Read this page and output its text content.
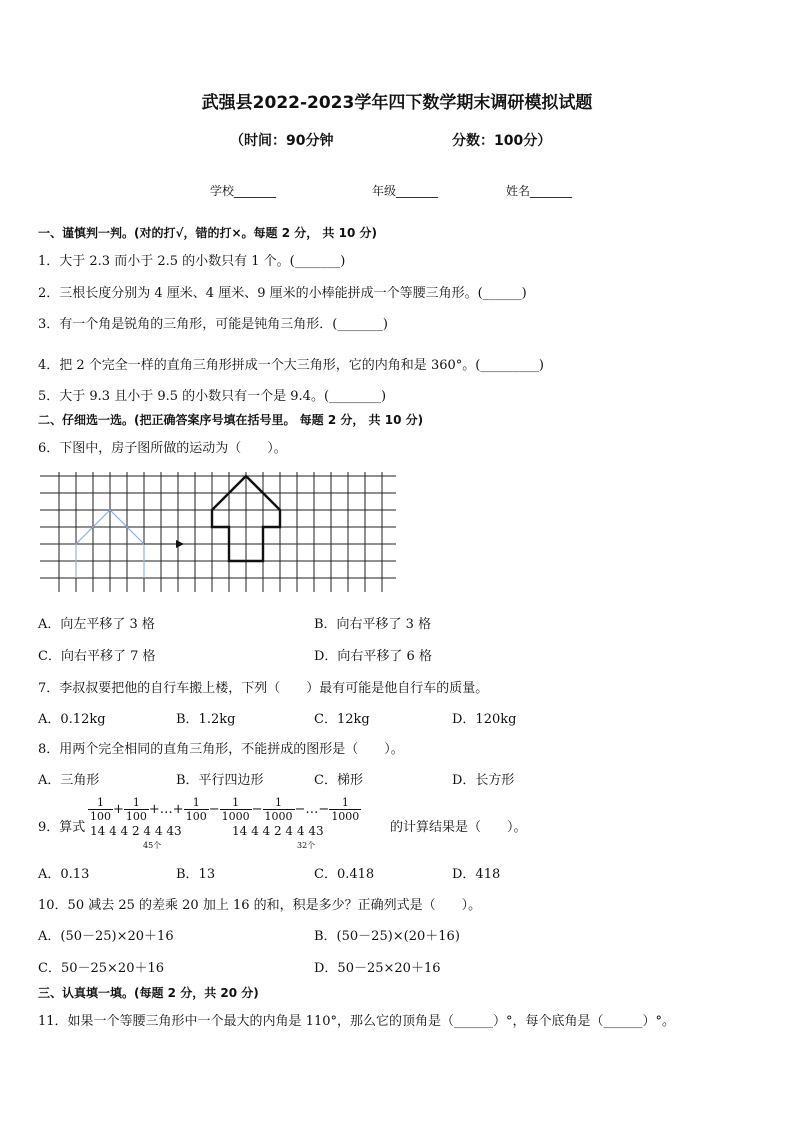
武强县2022-2023学年四下数学期末调研模拟试题
（时间：90分钟	分数：100分）
学校_______	年级_______	姓名_______
一、谨慎判一判。(对的打√，错的打×。每题 2 分， 共 10 分)
1．大于 2.3 而小于 2.5 的小数只有 1 个。(_______)
2．三根长度分别为 4 厘米、4 厘米、9 厘米的小棒能拼成一个等腰三角形。(______)
3．有一个角是锐角的三角形，可能是钝角三角形．(_______)
4．把 2 个完全一样的直角三角形拼成一个大三角形，它的内角和是 360°。(_________)
5．大于 9.3 且小于 9.5 的小数只有一个是 9.4。(________)
二、仔细选一选。(把正确答案序号填在括号里。 每题 2 分， 共 10 分)
6．下图中，房子图所做的运动为（　　）。
A．向左平移了 3 格	B．向右平移了 3 格
C．向右平移了 7 格	D．向右平移了 6 格
7．李叔叔要把他的自行车搬上楼，下列（　　）最有可能是他自行车的质量。
A．0.12kg	B．1.2kg	C．12kg	D．120kg
8．用两个完全相同的直角三角形，不能拼成的图形是（　　）。
A．三角形	B．平行四边形	C．梯形	D．长方形
9．算式
$\frac{1}{100} + \frac{1}{100}$ +…+ $\frac{1}{100} - \frac{1}{1000} - \frac{1}{1000}$ −…− $\frac{1}{1000}$
14 4 4 2 4 4 43	14 4 4 2 4 4 43
45个	32个
的计算结果是（　　）。
A．0.13	B．13	C．0.418	D．418
10．50 减去 25 的差乘 20 加上 16 的和，积是多少？正确列式是（　　）。
A．(50－25)×20＋16	B．(50－25)×(20＋16)
C．50－25×20＋16	D．50－25×20＋16
三、认真填一填。(每题 2 分，共 20 分)
11．如果一个等腰三角形中一个最大的内角是 110°，那么它的顶角是（______）°，每个底角是（______）°。
